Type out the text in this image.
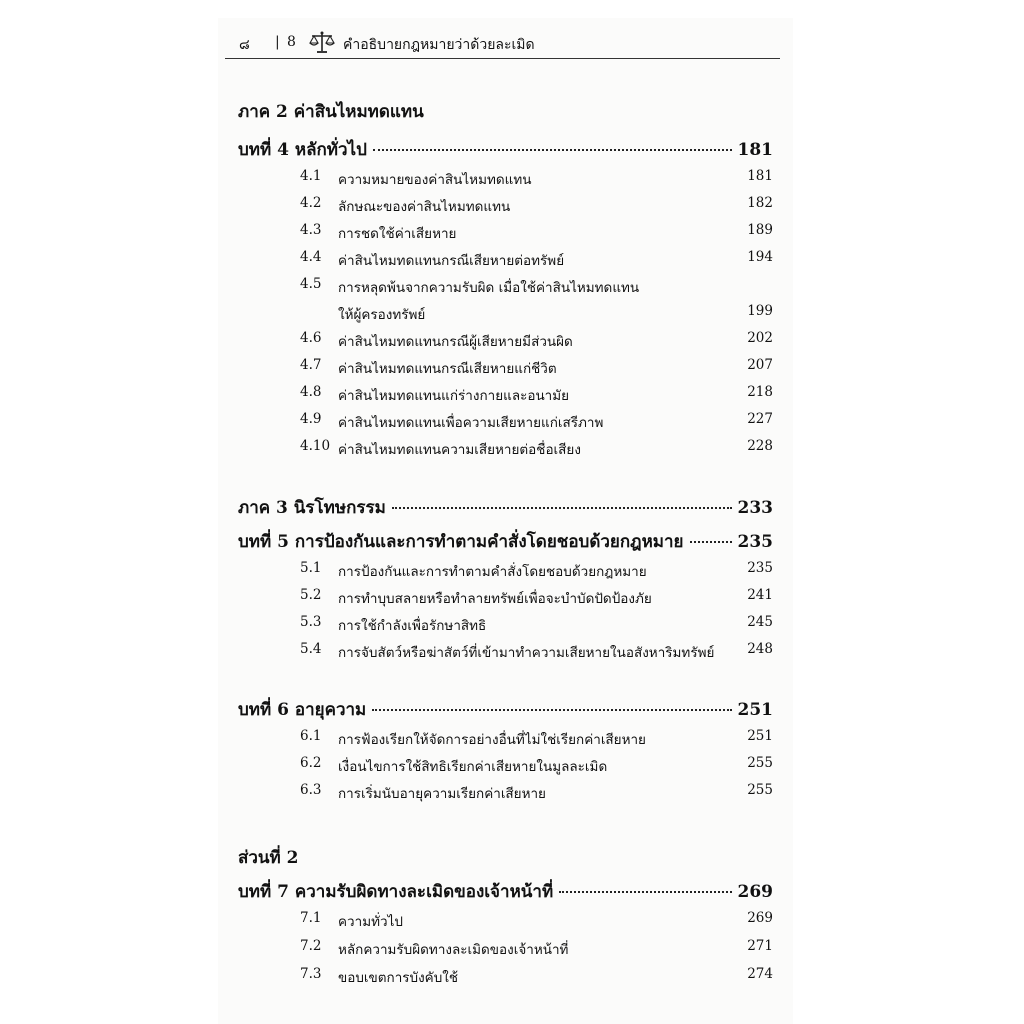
๘ | 8	คำอธิบายกฎหมายว่าด้วยละเมิด
ภาค 2 ค่าสินไหมทดแทน
บทที่ 4 หลักทั่วไป	181
4.1 ความหมายของค่าสินไหมทดแทน	181
4.2 ลักษณะของค่าสินไหมทดแทน	182
4.3 การชดใช้ค่าเสียหาย	189
4.4 ค่าสินไหมทดแทนกรณีเสียหายต่อทรัพย์	194
4.5 การหลุดพ้นจากความรับผิด เมื่อใช้ค่าสินไหมทดแทน
ให้ผู้ครองทรัพย์	199
4.6 ค่าสินไหมทดแทนกรณีผู้เสียหายมีส่วนผิด	202
4.7 ค่าสินไหมทดแทนกรณีเสียหายแก่ชีวิต	207
4.8 ค่าสินไหมทดแทนแก่ร่างกายและอนามัย	218
4.9 ค่าสินไหมทดแทนเพื่อความเสียหายแก่เสรีภาพ	227
4.10 ค่าสินไหมทดแทนความเสียหายต่อชื่อเสียง	228
ภาค 3 นิรโทษกรรม	233
บทที่ 5 การป้องกันและการทำตามคำสั่งโดยชอบด้วยกฎหมาย	235
5.1 การป้องกันและการทำตามคำสั่งโดยชอบด้วยกฎหมาย	235
5.2 การทำบุบสลายหรือทำลายทรัพย์เพื่อจะบำบัดปัดป้องภัย	241
5.3 การใช้กำลังเพื่อรักษาสิทธิ	245
5.4 การจับสัตว์หรือฆ่าสัตว์ที่เข้ามาทำความเสียหายในอสังหาริมทรัพย์ 248
บทที่ 6 อายุความ	251
6.1 การฟ้องเรียกให้จัดการอย่างอื่นที่ไม่ใช่เรียกค่าเสียหาย	251
6.2 เงื่อนไขการใช้สิทธิเรียกค่าเสียหายในมูลละเมิด	255
6.3 การเริ่มนับอายุความเรียกค่าเสียหาย	255
ส่วนที่ 2
บทที่ 7 ความรับผิดทางละเมิดของเจ้าหน้าที่	269
7.1 ความทั่วไป	269
7.2 หลักความรับผิดทางละเมิดของเจ้าหน้าที่	271
7.3 ขอบเขตการบังคับใช้	274
